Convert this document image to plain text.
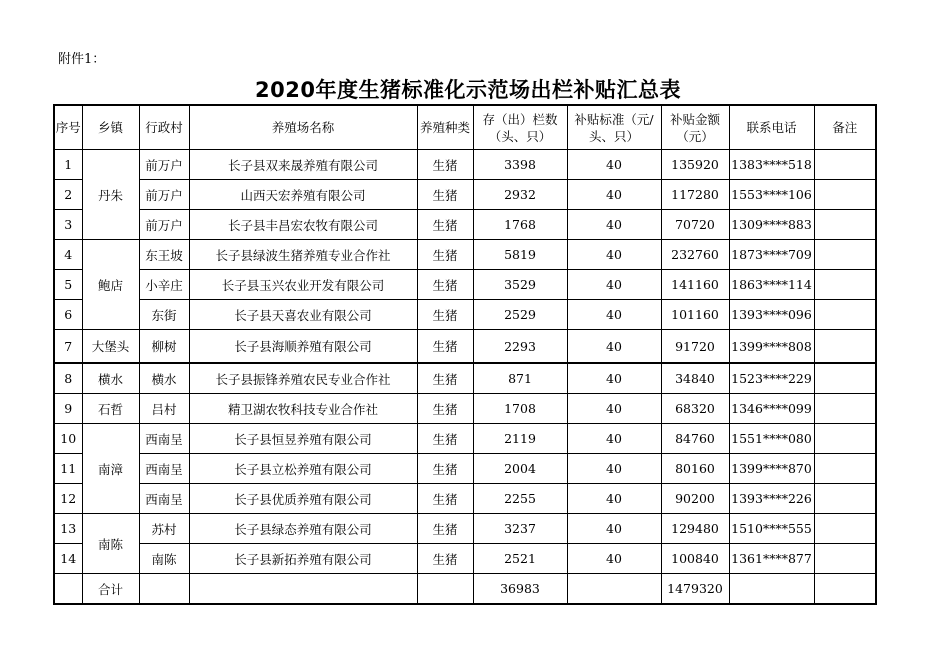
附件1：
2020年度生猪标准化示范场出栏补贴汇总表
序号	乡镇	行政村	养殖场名称	养殖种类	存（出）栏数（头、只）	补贴标准（元/头、只）	补贴金额（元）	联系电话	备注
1	丹朱	前万户	长子县双来晟养殖有限公司	生猪	3398	40	135920	1383****518	
2		前万户	山西天宏养殖有限公司	生猪	2932	40	117280	1553****106	
3		前万户	长子县丰昌宏农牧有限公司	生猪	1768	40	70720	1309****883	
4	鲍店	东王坡	长子县绿波生猪养殖专业合作社	生猪	5819	40	232760	1873****709	
5		小辛庄	长子县玉兴农业开发有限公司	生猪	3529	40	141160	1863****114	
6		东街	长子县天喜农业有限公司	生猪	2529	40	101160	1393****096	
7	大堡头	柳树	长子县海顺养殖有限公司	生猪	2293	40	91720	1399****808	
8	横水	横水	长子县振锋养殖农民专业合作社	生猪	871	40	34840	1523****229	
9	石哲	吕村	精卫湖农牧科技专业合作社	生猪	1708	40	68320	1346****099	
10	南漳	西南呈	长子县恒昱养殖有限公司	生猪	2119	40	84760	1551****080	
11		西南呈	长子县立松养殖有限公司	生猪	2004	40	80160	1399****870	
12		西南呈	长子县优质养殖有限公司	生猪	2255	40	90200	1393****226	
13	南陈	苏村	长子县绿态养殖有限公司	生猪	3237	40	129480	1510****555	
14		南陈	长子县新拓养殖有限公司	生猪	2521	40	100840	1361****877	
	合计				36983		1479320		
